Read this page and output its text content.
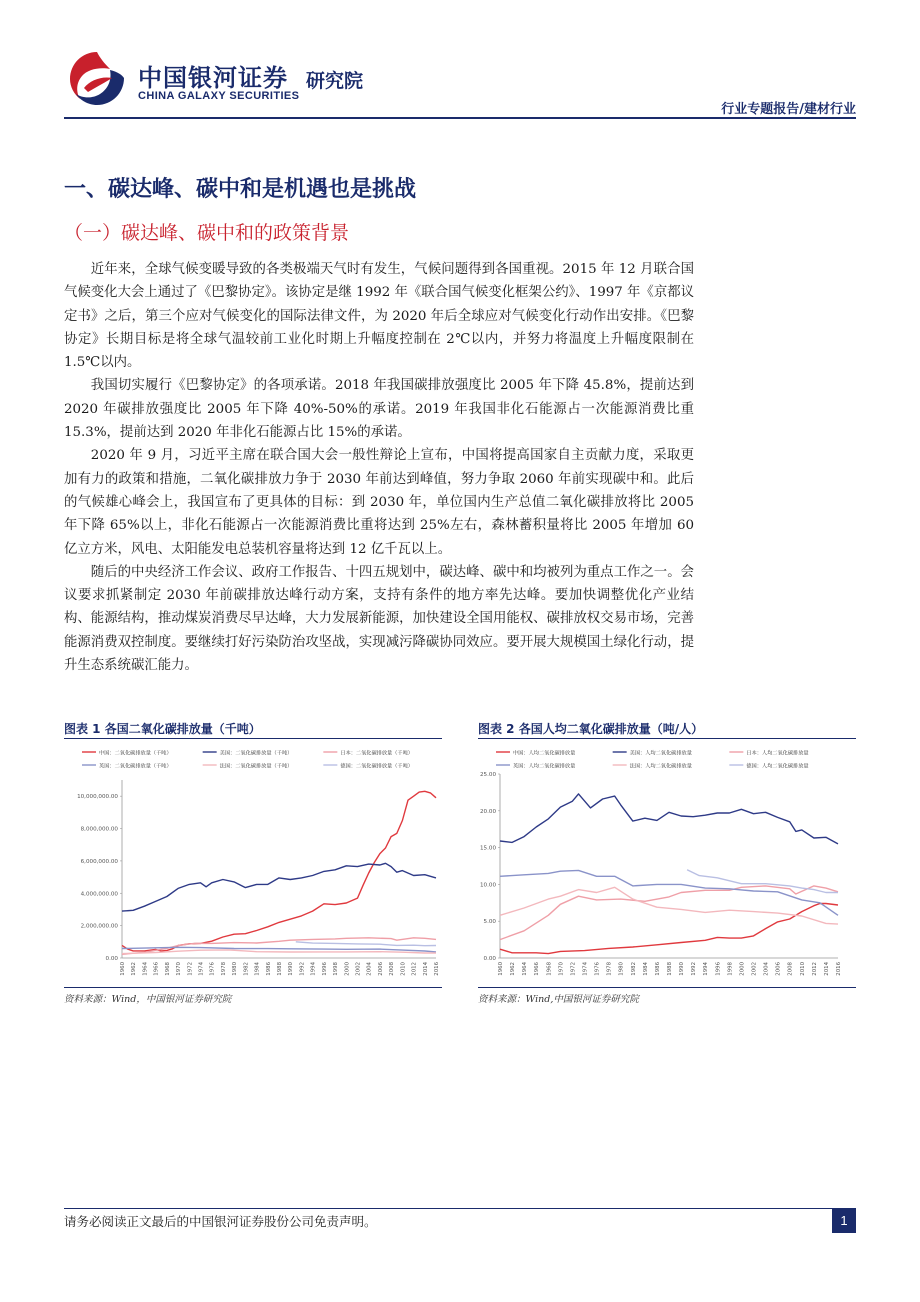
中国银河证券
CHINA GALAXY SECURITIES
研究院
行业专题报告/建材行业
一、碳达峰、碳中和是机遇也是挑战
（一）碳达峰、碳中和的政策背景

近年来，全球气候变暖导致的各类极端天气时有发生，气候问题得到各国重视。2015 年 12 月联合国气候变化大会上通过了《巴黎协定》。该协定是继 1992 年《联合国气候变化框架公约》、1997 年《京都议定书》之后，第三个应对气候变化的国际法律文件，为 2020 年后全球应对气候变化行动作出安排。《巴黎协定》长期目标是将全球气温较前工业化时期上升幅度控制在 2℃以内，并努力将温度上升幅度限制在 1.5℃以内。

我国切实履行《巴黎协定》的各项承诺。2018 年我国碳排放强度比 2005 年下降 45.8%，提前达到 2020 年碳排放强度比 2005 年下降 40%-50%的承诺。2019 年我国非化石能源占一次能源消费比重 15.3%，提前达到 2020 年非化石能源占比 15%的承诺。

2020 年 9 月，习近平主席在联合国大会一般性辩论上宣布，中国将提高国家自主贡献力度，采取更加有力的政策和措施，二氧化碳排放力争于 2030 年前达到峰值，努力争取 2060 年前实现碳中和。此后的气候雄心峰会上，我国宣布了更具体的目标：到 2030 年，单位国内生产总值二氧化碳排放将比 2005 年下降 65%以上，非化石能源占一次能源消费比重将达到 25%左右，森林蓄积量将比 2005 年增加 60 亿立方米，风电、太阳能发电总装机容量将达到 12 亿千瓦以上。

随后的中央经济工作会议、政府工作报告、十四五规划中，碳达峰、碳中和均被列为重点工作之一。会议要求抓紧制定 2030 年前碳排放达峰行动方案，支持有条件的地方率先达峰。要加快调整优化产业结构、能源结构，推动煤炭消费尽早达峰，大力发展新能源，加快建设全国用能权、碳排放权交易市场，完善能源消费双控制度。要继续打好污染防治攻坚战，实现减污降碳协同效应。要开展大规模国土绿化行动，提升生态系统碳汇能力。

图表 1 各国二氧化碳排放量（千吨）
中国：二氧化碳排放量（千吨）	美国：二氧化碳排放量（千吨）	日本：二氧化碳排放量（千吨）
英国：二氧化碳排放量（千吨）	法国：二氧化碳排放量（千吨）	德国：二氧化碳排放量（千吨）
0.00
2,000,000.00
4,000,000.00
6,000,000.00
8,000,000.00
10,000,000.00
1960 1962 1964 1966 1968 1970 1972 1974 1976 1978 1980 1982 1984 1986 1988 1990 1992 1994 1996 1998 2000 2002 2004 2006 2008 2010 2012 2014 2016
资料来源：Wind，中国银河证券研究院
图表 2 各国人均二氧化碳排放量（吨/人）
中国：人均二氧化碳排放量	美国：人均二氧化碳排放量	日本：人均二氧化碳排放量
英国：人均二氧化碳排放量	法国：人均二氧化碳排放量	德国：人均二氧化碳排放量
0.00
5.00
10.00
15.00
20.00
25.00
1960 1962 1964 1966 1968 1970 1972 1974 1976 1978 1980 1982 1984 1986 1988 1990 1992 1994 1996 1998 2000 2002 2004 2006 2008 2010 2012 2014 2016
资料来源：Wind,中国银河证券研究院
请务必阅读正文最后的中国银河证券股份公司免责声明。	1
